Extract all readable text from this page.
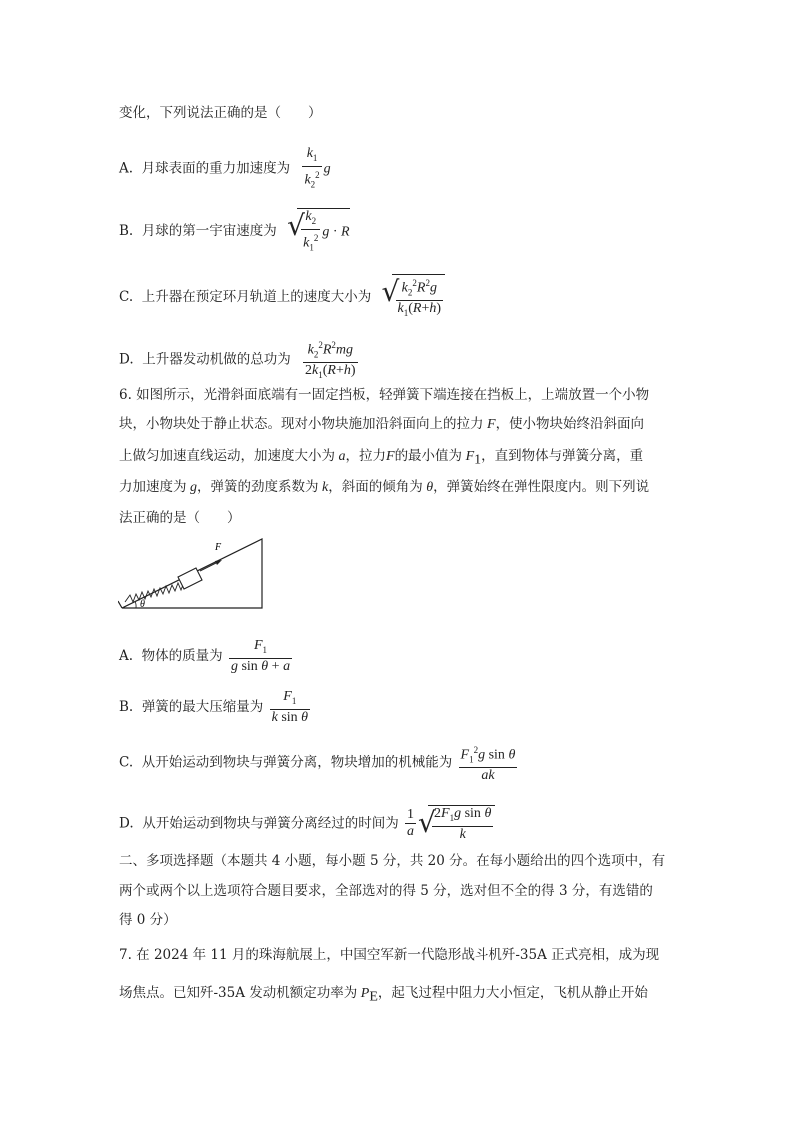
变化，下列说法正确的是（　　）
A. 月球表面的重力加速度为 $\frac{k_1}{k_2^2}$ g
B. 月球的第一宇宙速度为 √
$\frac{k_2}{k_1^2}$ g · R
C. 上升器在预定环月轨道上的速度大小为 √
$\frac{k_2^2R^2g}{k_1(R+h)}$
D. 上升器发动机做的总功为 $\frac{k_2^2R^2mg}{2k_1(R+h)}$
6. 如图所示，光滑斜面底端有一固定挡板，轻弹簧下端连接在挡板上，上端放置一个小物
块，小物块处于静止状态。现对小物块施加沿斜面向上的拉力 F，使小物块始终沿斜面向
上做匀加速直线运动，加速度大小为 a，拉力F的最小值为 $F_1$，直到物体与弹簧分离，重
力加速度为 g，弹簧的劲度系数为 k，斜面的倾角为 θ，弹簧始终在弹性限度内。则下列说
法正确的是（　　）
F
θ
A. 物体的质量为 $\frac{F_1}{\text{g sin θ + a}}$
B. 弹簧的最大压缩量为 $\frac{F_1}{\text{k sin θ}}$
C. 从开始运动到物块与弹簧分离，物块增加的机械能为 $\frac{F_1^2g \sin \theta}{ak}$
D. 从开始运动到物块与弹簧分离经过的时间为 $\frac{1}{a}$ √
$\frac{2F_1g \sin \theta}{k}$
二、多项选择题（本题共 4 小题，每小题 5 分，共 20 分。在每小题给出的四个选项中，有
两个或两个以上选项符合题目要求，全部选对的得 5 分，选对但不全的得 3 分，有选错的
得 0 分）
7. 在 2024 年 11 月的珠海航展上，中国空军新一代隐形战斗机歼-35A 正式亮相，成为现
场焦点。已知歼-35A 发动机额定功率为 $P_E$，起飞过程中阻力大小恒定，飞机从静止开始
